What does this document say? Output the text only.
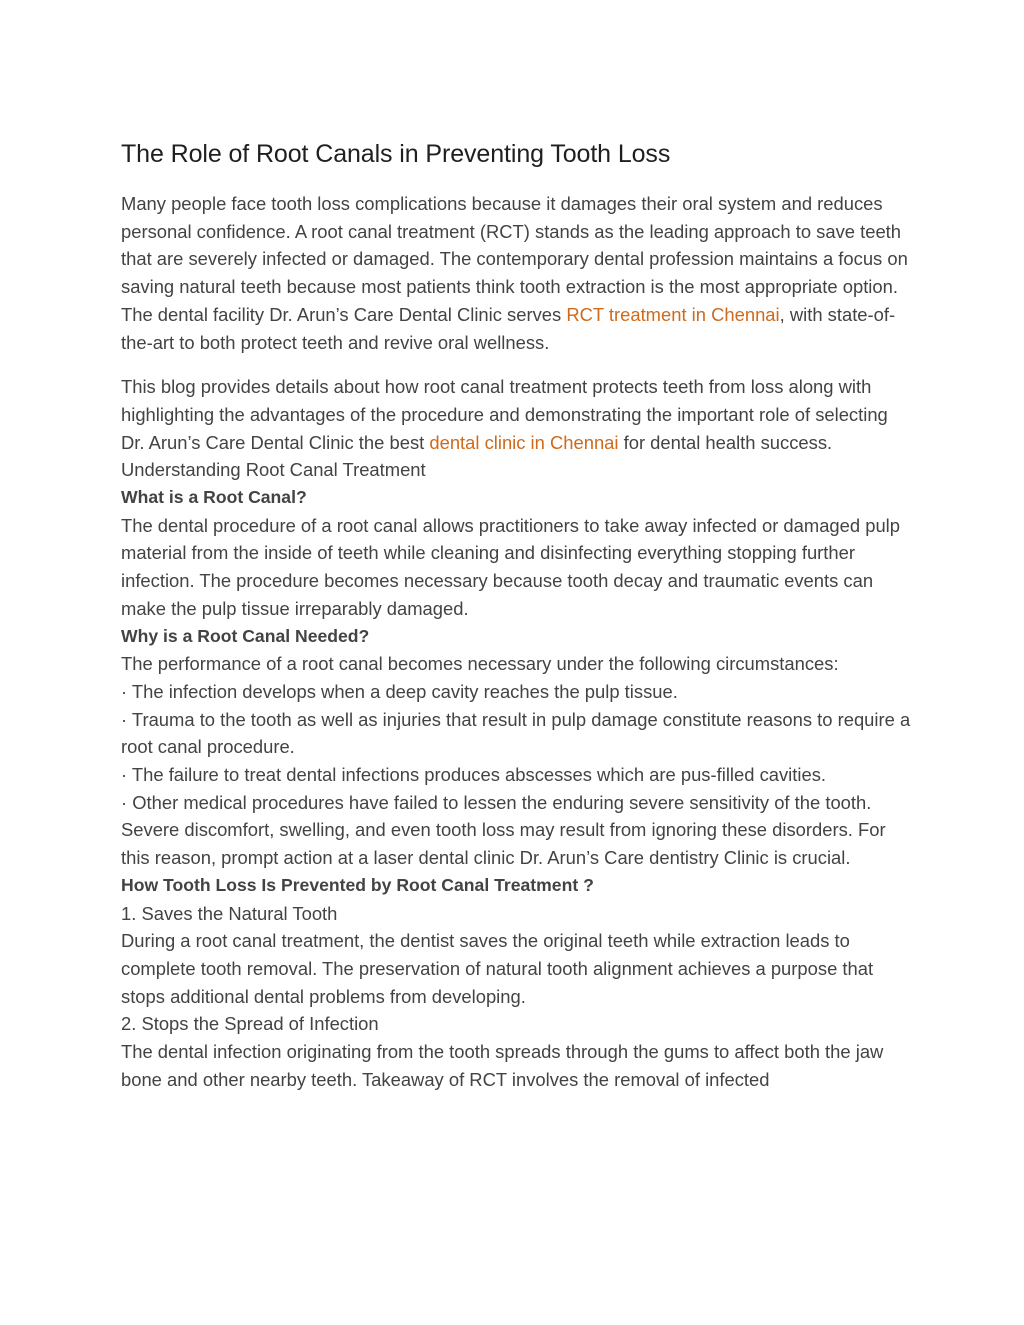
The Role of Root Canals in Preventing Tooth Loss

Many people face tooth loss complications because it damages their oral system and reduces personal confidence. A root canal treatment (RCT) stands as the leading approach to save teeth that are severely infected or damaged. The contemporary dental profession maintains a focus on saving natural teeth because most patients think tooth extraction is the most appropriate option. The dental facility Dr. Arun’s Care Dental Clinic serves RCT treatment in Chennai, with state-of-the-art to both protect teeth and revive oral wellness.

This blog provides details about how root canal treatment protects teeth from loss along with highlighting the advantages of the procedure and demonstrating the important role of selecting Dr. Arun’s Care Dental Clinic the best dental clinic in Chennai for dental health success. Understanding Root Canal Treatment

What is a Root Canal?

The dental procedure of a root canal allows practitioners to take away infected or damaged pulp material from the inside of teeth while cleaning and disinfecting everything stopping further infection. The procedure becomes necessary because tooth decay and traumatic events can make the pulp tissue irreparably damaged.

Why is a Root Canal Needed?

The performance of a root canal becomes necessary under the following circumstances:

· The infection develops when a deep cavity reaches the pulp tissue.

· Trauma to the tooth as well as injuries that result in pulp damage constitute reasons to require a root canal procedure.

· The failure to treat dental infections produces abscesses which are pus-filled cavities.

· Other medical procedures have failed to lessen the enduring severe sensitivity of the tooth.

Severe discomfort, swelling, and even tooth loss may result from ignoring these disorders. For this reason, prompt action at a laser dental clinic Dr. Arun’s Care dentistry Clinic is crucial.

How Tooth Loss Is Prevented by Root Canal Treatment ?

1. Saves the Natural Tooth

During a root canal treatment, the dentist saves the original teeth while extraction leads to complete tooth removal. The preservation of natural tooth alignment achieves a purpose that stops additional dental problems from developing.

2. Stops the Spread of Infection

The dental infection originating from the tooth spreads through the gums to affect both the jaw bone and other nearby teeth. Takeaway of RCT involves the removal of infected
